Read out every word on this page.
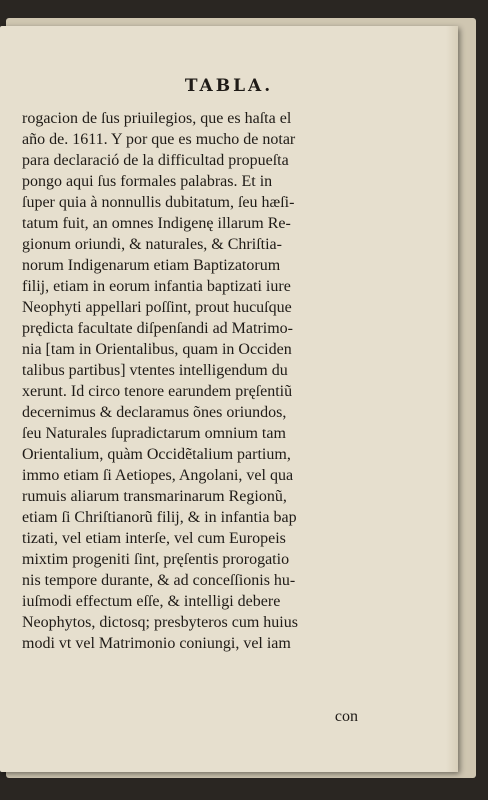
TABLA.
rogacion de ſus priuilegios, que es haſta el
año de. 1611. Y por que es mucho de notar
para declaració de la difficultad propueſta
pongo aqui ſus formales palabras. Et in
ſuper quia à nonnullis dubitatum, ſeu hæſi-
tatum fuit, an omnes Indigenę illarum Re-
gionum oriundi, & naturales, & Chriſtia-
norum Indigenarum etiam Baptizatorum
filij, etiam in eorum infantia baptizati iure
Neophyti appellari poſſint, prout hucuſque
prędicta facultate diſpenſandi ad Matrimo-
nia [tam in Orientalibus, quam in Occiden
talibus partibus] vtentes intelligendum du
xerunt. Id circo tenore earundem pręſentiũ
decernimus & declaramus õnes oriundos,
ſeu Naturales ſupradictarum omnium tam
Orientalium, quàm Occidẽtalium partium,
immo etiam ſi Aetiopes, Angolani, vel qua
rumuis aliarum transmarinarum Regionũ,
etiam ſi Chriſtianorũ filij, & in infantia bap
tizati, vel etiam interſe, vel cum Europeis
mixtim progeniti ſint, pręſentis prorogatio
nis tempore durante, & ad conceſſionis hu-
iuſmodi effectum eſſe, & intelligi debere
Neophytos, dictosq; presbyteros cum huius
modi vt vel Matrimonio coniungi, vel iam
con
